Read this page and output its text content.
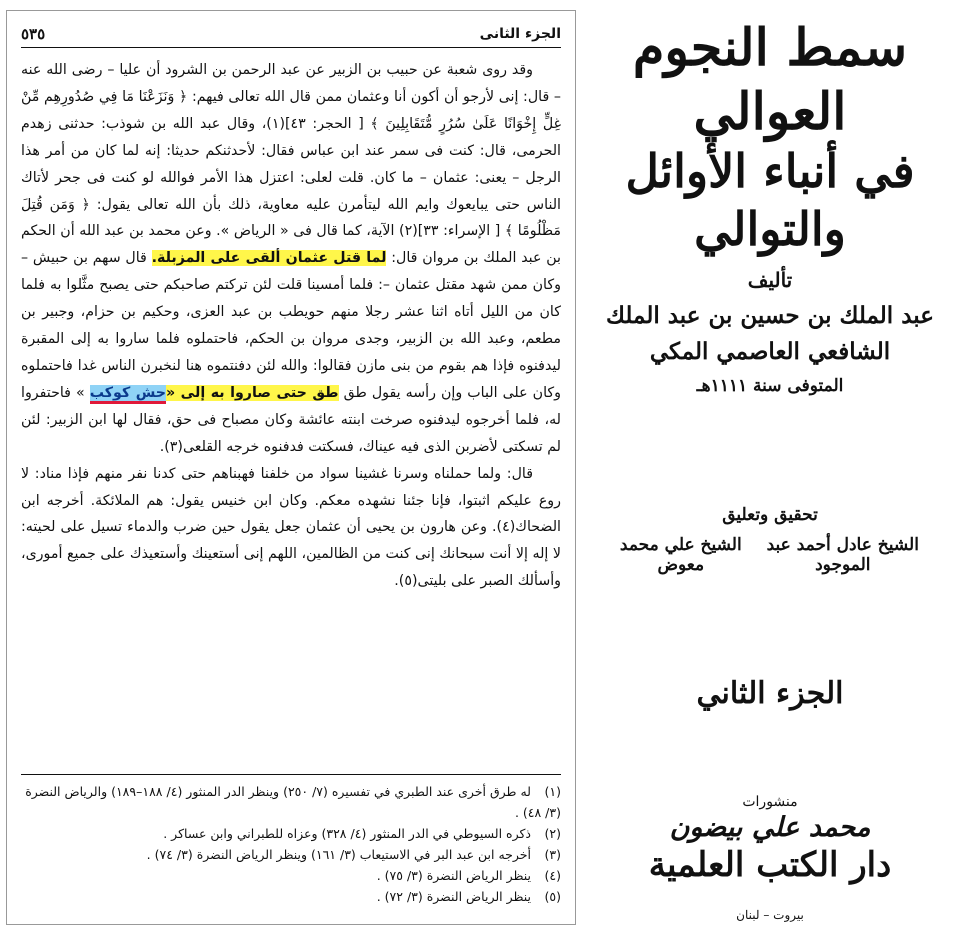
٥٣٥	الجزء الثانى

وقد روى شعبة عن حبيب بن الزبير عن عبد الرحمن بن الشرود أن عليا – رضى الله عنه – قال: إنى لأرجو أن أكون أنا وعثمان ممن قال الله تعالى فيهم: ﴿ وَنَزَعْنَا مَا فِي صُدُورِهِم مِّنْ غِلٍّ إِخْوَانًا عَلَىٰ سُرُرٍ مُّتَقَابِلِينَ ﴾ [ الحجر: ٤٣](١)، وقال عبد الله بن شوذب: حدثنى زهدم الحرمى، قال: كنت فى سمر عند ابن عباس فقال: لأحدثنكم حديثا: إنه لما كان من أمر هذا الرجل – يعنى: عثمان – ما كان. قلت لعلى: اعتزل هذا الأمر فوالله لو كنت فى جحر لأتاك الناس حتى يبايعوك وايم الله ليتأمرن عليه معاوية، ذلك بأن الله تعالى يقول: ﴿ وَمَن قُتِلَ مَظْلُومًا ﴾ [ الإسراء: ٣٣](٢) الآية، كما قال فى « الرياض ». وعن محمد بن عبد الله أن الحكم بن عبد الملك بن مروان قال: لما قتل عثمان ألقى على المزبلة. قال سهم بن حبيش – وكان ممن شهد مقتل عثمان –: فلما أمسينا قلت لئن تركتم صاحبكم حتى يصبح مثَّلوا به فلما كان من الليل أتاه اثنا عشر رجلا منهم حويطب بن عبد العزى، وحكيم بن حزام، وجبير بن مطعم، وعبد الله بن الزبير، وجدى مروان بن الحكم، فاحتملوه فلما ساروا به إلى المقبرة ليدفنوه فإذا هم بقوم من بنى مازن فقالوا: والله لئن دفنتموه هنا لنخبرن الناس غدا فاحتملوه وكان على الباب وإن رأسه يقول طق طق حتى صاروا به إلى «حش كوكب » فاحتفروا له، فلما أخرجوه ليدفنوه صرخت ابنته عائشة وكان مصباح فى حق، فقال لها ابن الزبير: لئن لم تسكتى لأضربن الذى فيه عيناك، فسكتت فدفنوه خرجه القلعى(٣).

قال: ولما حملناه وسرنا غشينا سواد من خلفنا فهبناهم حتى كدنا نفر منهم فإذا مناد: لا روع عليكم اثبتوا، فإنا جئنا نشهده معكم. وكان ابن خنيس يقول: هم الملائكة. أخرجه ابن الضحاك(٤). وعن هارون بن يحيى أن عثمان جعل يقول حين ضرب والدماء تسيل على لحيته: لا إله إلا أنت سبحانك إنى كنت من الظالمين، اللهم إنى أستعينك وأستعيذك على جميع أمورى، وأسألك الصبر على بليتى(٥).

(١)له طرق أخرى عند الطبري في تفسيره (٧/ ٢٥٠) وينظر الدر المنثور (٤/ ١٨٨–١٨٩) والرياض النضرة (٣/ ٤٨) .

(٢)ذكره السيوطي في الدر المنثور (٤/ ٣٢٨) وعزاه للطبراني وابن عساكر .

(٣)أخرجه ابن عبد البر في الاستيعاب (٣/ ١٦١) وينظر الرياض النضرة (٣/ ٧٤) .

(٤)ينظر الرياض النضرة (٣/ ٧٥) .

(٥)ينظر الرياض النضرة (٣/ ٧٢) .

سمط النجوم العوالي
في أنباء الأوائل والتوالي
تأليف
عبد الملك بن حسين بن عبد الملك
الشافعي العاصمي المكي
المتوفى سنة ١١١١هـ
تحقيق وتعليق
الشيخ عادل أحمد عبد الموجود
الشيخ علي محمد معوض
الجزء الثاني
منشورات
محمد علي بيضون
دار الكتب العلمية
بيروت – لبنان
